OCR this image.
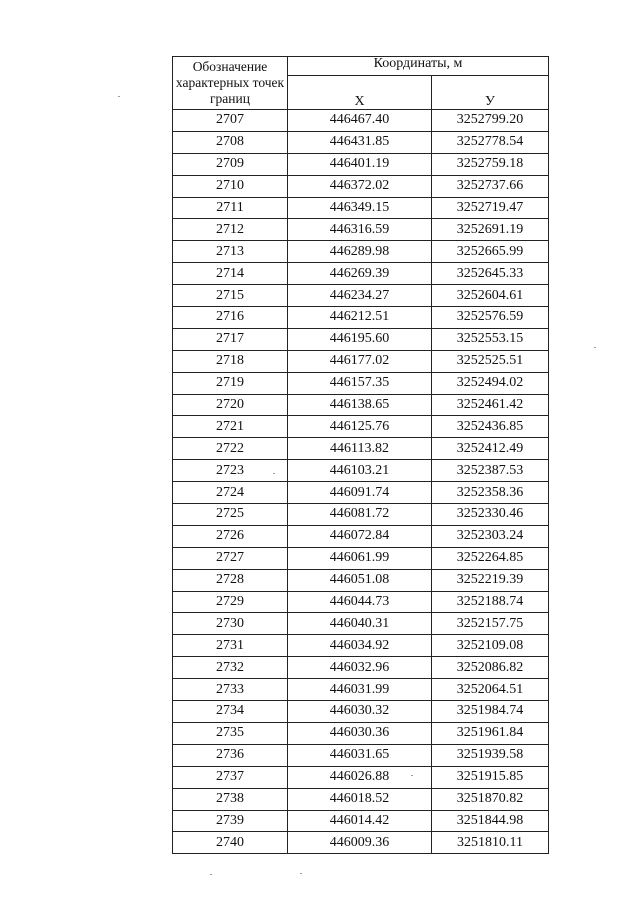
Обозначение характерных точек границ	Координаты, м	
	X	У
2707	446467.40	3252799.20
2708	446431.85	3252778.54
2709	446401.19	3252759.18
2710	446372.02	3252737.66
2711	446349.15	3252719.47
2712	446316.59	3252691.19
2713	446289.98	3252665.99
2714	446269.39	3252645.33
2715	446234.27	3252604.61
2716	446212.51	3252576.59
2717	446195.60	3252553.15
2718	446177.02	3252525.51
2719	446157.35	3252494.02
2720	446138.65	3252461.42
2721	446125.76	3252436.85
2722	446113.82	3252412.49
2723	446103.21	3252387.53
2724	446091.74	3252358.36
2725	446081.72	3252330.46
2726	446072.84	3252303.24
2727	446061.99	3252264.85
2728	446051.08	3252219.39
2729	446044.73	3252188.74
2730	446040.31	3252157.75
2731	446034.92	3252109.08
2732	446032.96	3252086.82
2733	446031.99	3252064.51
2734	446030.32	3251984.74
2735	446030.36	3251961.84
2736	446031.65	3251939.58
2737	446026.88	3251915.85
2738	446018.52	3251870.82
2739	446014.42	3251844.98
2740	446009.36	3251810.11
